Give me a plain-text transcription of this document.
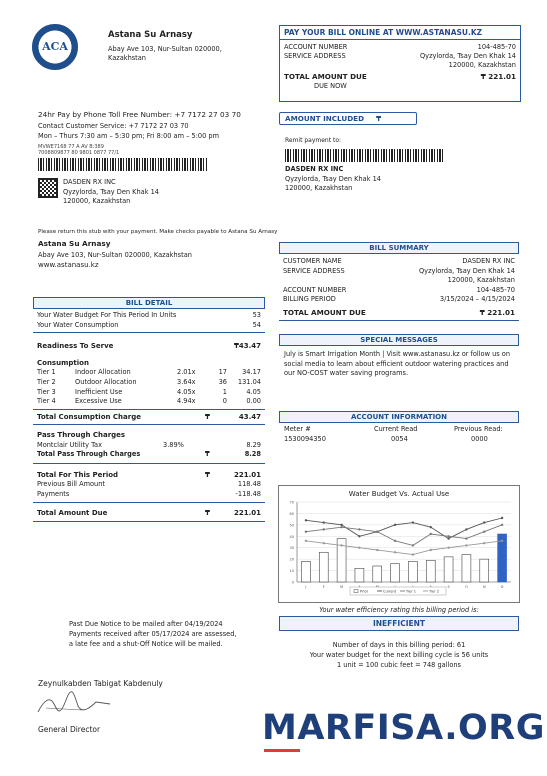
ACA
Astana Su Arnasy
Abay Ave 103, Nur-Sultan 020000,
Kazakhstan
PAY YOUR BILL ONLINE AT WWW.ASTANASU.KZ
ACCOUNT NUMBER	104-485-70
SERVICE ADDRESS	Qyzylorda, Tsay Den Khak 14
120000, Kazakhstan
TOTAL AMOUNT DUE	₸ 221.01
DUE NOW
24hr Pay by Phone Toll Free Number: +7 7172 27 03 70
Contact Customer Service: +7 7172 27 03 70
Mon – Thurs 7:30 am – 5:30 pm; Fri 8:00 am – 5:00 pm
MVWE7168 77 A AV B:389
7008809877 80 9801 0877 77/1
DASDEN RX INC
Qyzylorda, Tsay Den Khak 14
120000, Kazakhstan
AMOUNT INCLUDED ₸
Remit payment to:
DASDEN RX INC
Qyzylorda, Tsay Den Khak 14
120000, Kazakhstan
Please return this stub with your payment. Make checks payable to Astana Su Arnasy
Astana Su Arnasy
Abay Ave 103, Nur-Sultan 020000, Kazakhstan
www.astanasu.kz
BILL SUMMARY
CUSTOMER NAME	DASDEN RX INC
SERVICE ADDRESS	Qyzylorda, Tsay Den Khak 14
120000, Kazakhstan
ACCOUNT NUMBER	104-485-70
BILLING PERIOD	3/15/2024 – 4/15/2024
TOTAL AMOUNT DUE	₸ 221.01
BILL DETAIL
Your Water Budget For This Period In Units	53
Your Water Consumption	54
Readiness To Serve	₸43.47
Consumption
Tier 1	Indoor Allocation	2.01x	17	34.17
Tier 2	Outdoor Allocation	3.64x	36	131.04
Tier 3	Inefficient Use	4.05x	1	4.05
Tier 4	Excessive Use	4.94x	0	0.00
Total Consumption Charge	₸	43.47
Pass Through Charges
Montclair Utility Tax	3.89%	8.29
Total Pass Through Charges	₸	8.28
Total For This Period	₸	221.01
Previous Bill Amount	118.48
Payments	-118.48
Total Amount Due	₸	221.01
SPECIAL MESSAGES
July is Smart Irrigation Month | Visit www.astanasu.kz or follow us on social media to learn about efficient outdoor watering practices and our NO-COST water saving programs.
ACCOUNT INFORMATION
Meter #	Current Read	Previous Read:
1530094350	0054	0000
Water Budget Vs. Actual Use
70
60
50
40
30
20
10
0
J	F	M	S	O	N	D
Prior	Current	Tier 1	Tier 2
Your water efficiency rating this billing period is:
INEFFICIENT
Number of days in this billing period: 61
Your water budget for the next billing cycle is 56 units
1 unit = 100 cubic feet = 748 gallons
Past Due Notice to be mailed after 04/19/2024
Payments received after 05/17/2024 are assessed,
a late fee and a shut-Off Notice will be mailed.
Zeynulkabden Tabigat Kabdenuly
General Director	MARFISA.ORG
